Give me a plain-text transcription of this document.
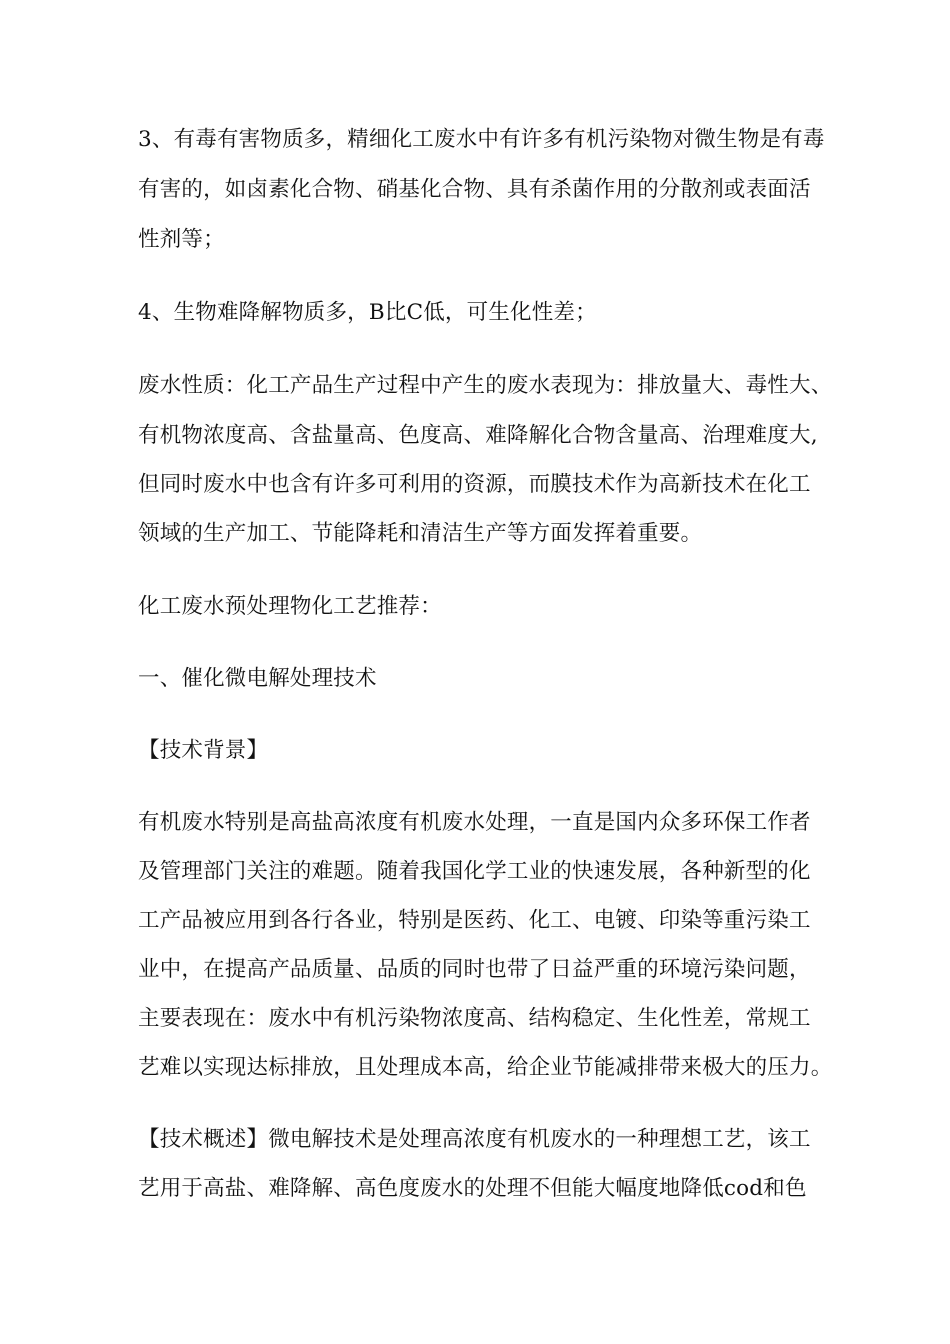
3、有毒有害物质多，精细化工废水中有许多有机污染物对微生物是有毒
有害的，如卤素化合物、硝基化合物、具有杀菌作用的分散剂或表面活
性剂等；
4、生物难降解物质多，B比C低，可生化性差；
废水性质：化工产品生产过程中产生的废水表现为：排放量大、毒性大、
有机物浓度高、含盐量高、色度高、难降解化合物含量高、治理难度大,
但同时废水中也含有许多可利用的资源，而膜技术作为高新技术在化工
领域的生产加工、节能降耗和清洁生产等方面发挥着重要。
化工废水预处理物化工艺推荐：
一、催化微电解处理技术
【技术背景】
有机废水特别是高盐高浓度有机废水处理，一直是国内众多环保工作者
及管理部门关注的难题。随着我国化学工业的快速发展，各种新型的化
工产品被应用到各行各业，特别是医药、化工、电镀、印染等重污染工
业中，在提高产品质量、品质的同时也带了日益严重的环境污染问题，
主要表现在：废水中有机污染物浓度高、结构稳定、生化性差，常规工
艺难以实现达标排放，且处理成本高，给企业节能减排带来极大的压力。
【技术概述】微电解技术是处理高浓度有机废水的一种理想工艺，该工
艺用于高盐、难降解、高色度废水的处理不但能大幅度地降低cod和色
